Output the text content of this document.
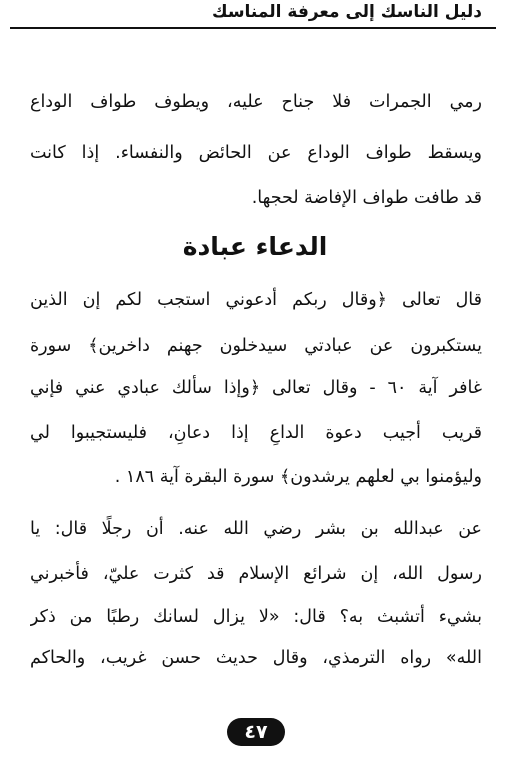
دليل الناسك إلى معرفة المناسك
رمي الجمرات فلا جناح عليه، ويطوف طواف الوداع
ويسقط طواف الوداع عن الحائض والنفساء. إذا كانت
قد طافت طواف الإفاضة لحجها.
الدعاء عبادة
قال تعالى ﴿وقال ربكم أدعوني استجب لكم إن الذين
يستكبرون عن عبادتي سيدخلون جهنم داخرين﴾ سورة
غافر آية ٦٠ - وقال تعالى ﴿وإذا سألك عبادي عني فإني
قريب أجيب دعوة الداعِ إذا دعانِ، فليستجيبوا لي
وليؤمنوا بي لعلهم يرشدون﴾ سورة البقرة آية ١٨٦ .
عن عبدالله بن بشر رضي الله عنه. أن رجلًا قال: يا
رسول الله، إن شرائع الإسلام قد كثرت عليّ، فأخبرني
بشيء أتشبث به؟ قال: «لا يزال لسانك رطبًا من ذكر
الله» رواه الترمذي، وقال حديث حسن غريب، والحاكم
٤٧
